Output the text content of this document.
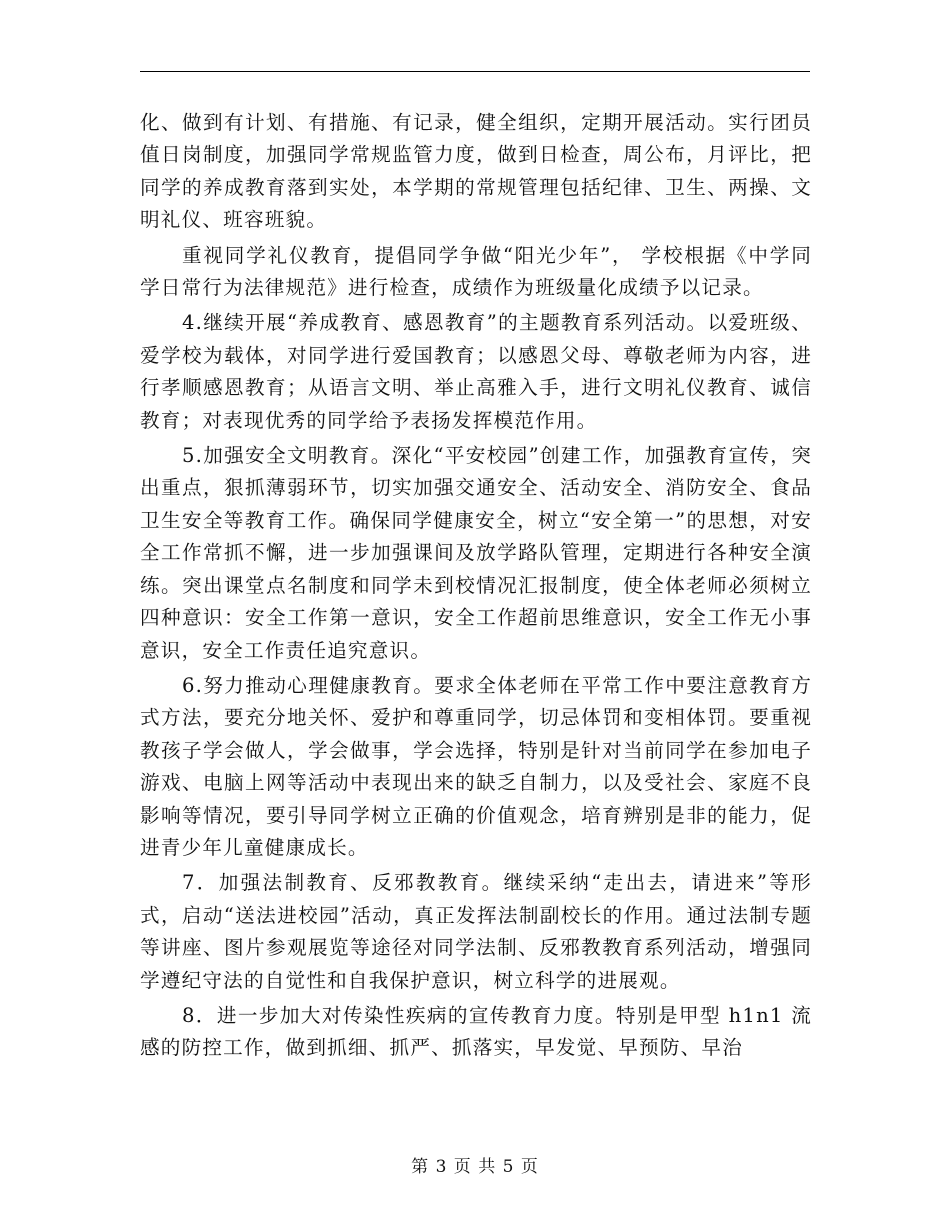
化、做到有计划、有措施、有记录，健全组织，定期开展活动。实行团员值日岗制度，加强同学常规监管力度，做到日检查，周公布，月评比，把同学的养成教育落到实处，本学期的常规管理包括纪律、卫生、两操、文明礼仪、班容班貌。

重视同学礼仪教育，提倡同学争做“阳光少年”， 学校根据《中学同学日常行为法律规范》进行检查，成绩作为班级量化成绩予以记录。

4.继续开展“养成教育、感恩教育”的主题教育系列活动。以爱班级、爱学校为载体，对同学进行爱国教育；以感恩父母、尊敬老师为内容，进行孝顺感恩教育；从语言文明、举止高雅入手，进行文明礼仪教育、诚信教育；对表现优秀的同学给予表扬发挥模范作用。

5.加强安全文明教育。深化“平安校园”创建工作，加强教育宣传，突出重点，狠抓薄弱环节，切实加强交通安全、活动安全、消防安全、食品卫生安全等教育工作。确保同学健康安全，树立“安全第一”的思想，对安全工作常抓不懈，进一步加强课间及放学路队管理，定期进行各种安全演练。突出课堂点名制度和同学未到校情况汇报制度，使全体老师必须树立四种意识：安全工作第一意识，安全工作超前思维意识，安全工作无小事意识，安全工作责任追究意识。

6.努力推动心理健康教育。要求全体老师在平常工作中要注意教育方式方法，要充分地关怀、爱护和尊重同学，切忌体罚和变相体罚。要重视教孩子学会做人，学会做事，学会选择，特别是针对当前同学在参加电子游戏、电脑上网等活动中表现出来的缺乏自制力，以及受社会、家庭不良影响等情况，要引导同学树立正确的价值观念，培育辨别是非的能力，促进青少年儿童健康成长。

7．加强法制教育、反邪教教育。继续采纳“走出去，请进来”等形式，启动“送法进校园”活动，真正发挥法制副校长的作用。通过法制专题等讲座、图片参观展览等途径对同学法制、反邪教教育系列活动，增强同学遵纪守法的自觉性和自我保护意识，树立科学的进展观。

8．进一步加大对传染性疾病的宣传教育力度。特别是甲型 h1n1 流感的防控工作，做到抓细、抓严、抓落实，早发觉、早预防、早治

第 3 页 共 5 页
